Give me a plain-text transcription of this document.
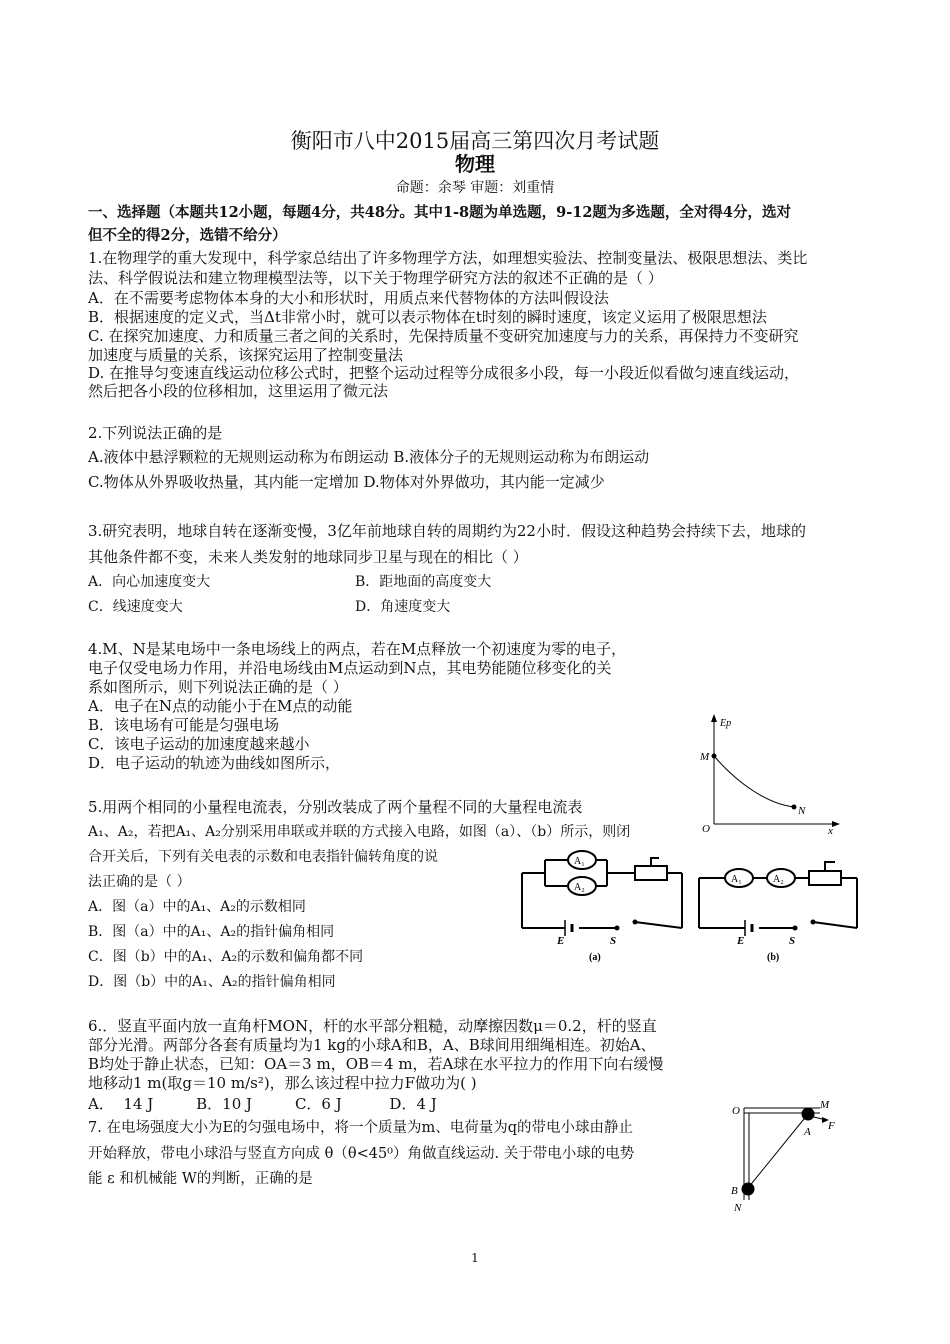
衡阳市八中2015届高三第四次月考试题
物理
命题：余琴 审题：刘重情
一、选择题（本题共12小题，每题4分，共48分。其中1-8题为单选题，9-12题为多选题，全对得4分，选对
但不全的得2分，选错不给分）
1.在物理学的重大发现中，科学家总结出了许多物理学方法，如理想实验法、控制变量法、极限思想法、类比
法、科学假说法和建立物理模型法等，以下关于物理学研究方法的叙述不正确的是（ ）
A．在不需要考虑物体本身的大小和形状时，用质点来代替物体的方法叫假设法
B．根据速度的定义式，当Δt非常小时，就可以表示物体在t时刻的瞬时速度，该定义运用了极限思想法
C. 在探究加速度、力和质量三者之间的关系时，先保持质量不变研究加速度与力的关系，再保持力不变研究
加速度与质量的关系，该探究运用了控制变量法
D. 在推导匀变速直线运动位移公式时，把整个运动过程等分成很多小段，每一小段近似看做匀速直线运动，
然后把各小段的位移相加，这里运用了微元法
2.下列说法正确的是
A.液体中悬浮颗粒的无规则运动称为布朗运动 B.液体分子的无规则运动称为布朗运动
C.物体从外界吸收热量，其内能一定增加 D.物体对外界做功，其内能一定减少
3.研究表明，地球自转在逐渐变慢，3亿年前地球自转的周期约为22小时．假设这种趋势会持续下去，地球的
其他条件都不变，未来人类发射的地球同步卫星与现在的相比（ ）
A．向心加速度变大	B．距地面的高度变大
C．线速度变大	D．角速度变大
4.M、N是某电场中一条电场线上的两点，若在M点释放一个初速度为零的电子，
电子仅受电场力作用，并沿电场线由M点运动到N点，其电势能随位移变化的关
系如图所示，则下列说法正确的是（ ）
A．电子在N点的动能小于在M点的动能
B．该电场有可能是匀强电场
C．该电子运动的加速度越来越小
D．电子运动的轨迹为曲线如图所示，
Ep
x
O
M
N
5.用两个相同的小量程电流表，分别改装成了两个量程不同的大量程电流表
A₁、A₂，若把A₁、A₂分别采用串联或并联的方式接入电路，如图（a）、（b）所示，则闭
合开关后，下列有关电表的示数和电表指针偏转角度的说
法正确的是（ ）
A．图（a）中的A₁、A₂的示数相同
B．图（a）中的A₁、A₂的指针偏角相同
C．图（b）中的A₁、A₂的示数和偏角都不同
D．图（b）中的A₁、A₂的指针偏角相同
A₁
A₂
E	S
(a)
A₁	A₂
E	S
(b)
6.．竖直平面内放一直角杆MON，杆的水平部分粗糙，动摩擦因数μ＝0.2，杆的竖直
部分光滑。两部分各套有质量均为1 kg的小球A和B，A、B球间用细绳相连。初始A、
B均处于静止状态，已知：OA＝3 m，OB＝4 m，若A球在水平拉力的作用下向右缓慢
地移动1 m(取g＝10 m/s²)，那么该过程中拉力F做功为( )
A．  14 J         B．10 J         C．6 J          D．4 J	O	M
A F
B
N
7. 在电场强度大小为E的匀强电场中，将一个质量为m、电荷量为q的带电小球由静止
开始释放，带电小球沿与竖直方向成 θ（θ<45⁰）角做直线运动. 关于带电小球的电势
能 ε 和机械能 W的判断，正确的是
1
